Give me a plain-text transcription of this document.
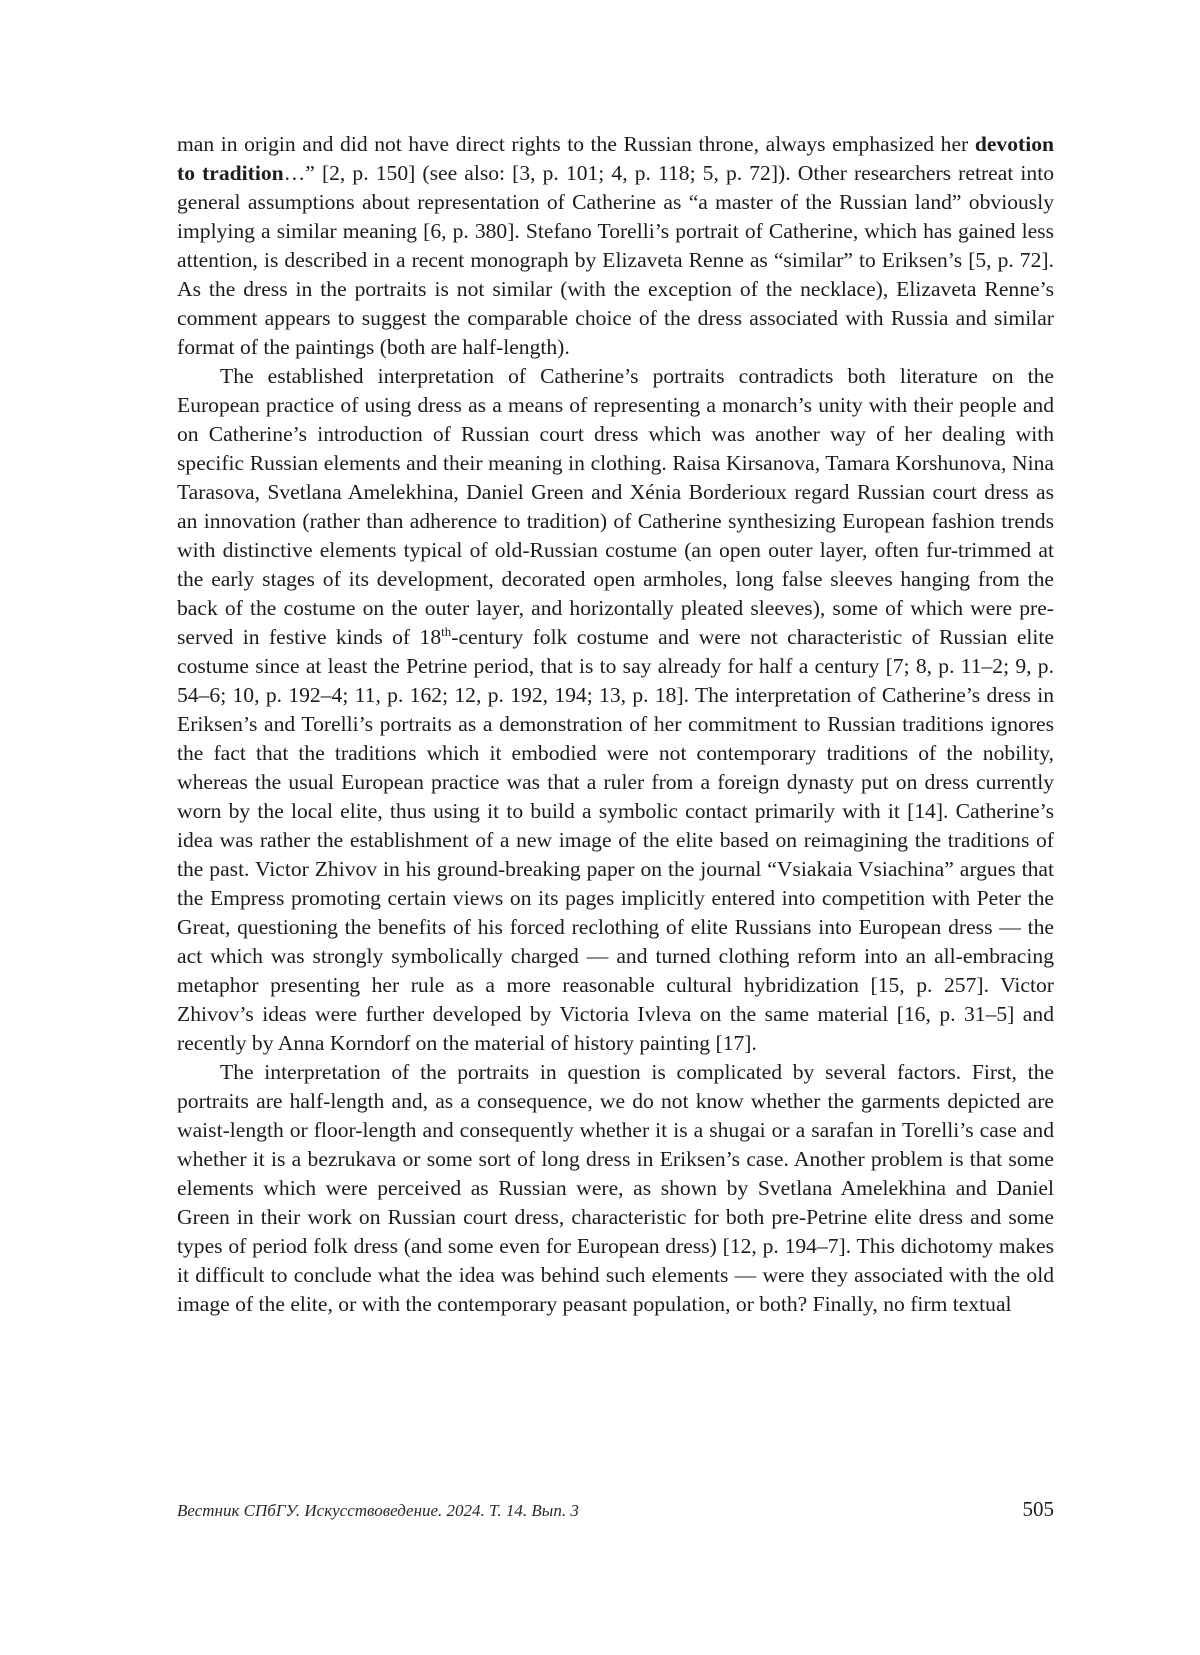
man in origin and did not have direct rights to the Russian throne, always emphasized her devotion to tradition…” [2, p. 150] (see also: [3, p. 101; 4, p. 118; 5, p. 72]). Other researchers retreat into general assumptions about representation of Catherine as “a master of the Russian land” obviously implying a similar meaning [6, p. 380]. Stefano Torelli’s portrait of Catherine, which has gained less attention, is described in a recent monograph by Elizaveta Renne as “similar” to Eriksen’s [5, p. 72]. As the dress in the portraits is not similar (with the exception of the necklace), Elizaveta Renne’s comment appears to suggest the comparable choice of the dress associated with Russia and similar format of the paintings (both are half-length).

The established interpretation of Catherine’s portraits contradicts both literature on the European practice of using dress as a means of representing a monarch’s unity with their people and on Catherine’s introduction of Russian court dress which was another way of her dealing with specific Russian elements and their meaning in clothing. Raisa Kirsanova, Tamara Korshunova, Nina Tarasova, Svetlana Amelekhina, Daniel Green and Xénia Borderioux regard Russian court dress as an innovation (rather than adherence to tradition) of Catherine synthesizing European fashion trends with distinctive elements typical of old-Russian costume (an open outer layer, often fur-trimmed at the early stages of its development, decorated open armholes, long false sleeves hanging from the back of the costume on the outer layer, and horizontally pleated sleeves), some of which were preserved in festive kinds of 18th-century folk costume and were not characteristic of Russian elite costume since at least the Petrine period, that is to say already for half a century [7; 8, p. 11–2; 9, p. 54–6; 10, p. 192–4; 11, p. 162; 12, p. 192, 194; 13, p. 18]. The interpretation of Catherine’s dress in Eriksen’s and Torelli’s portraits as a demonstration of her commitment to Russian traditions ignores the fact that the traditions which it embodied were not contemporary traditions of the nobility, whereas the usual European practice was that a ruler from a foreign dynasty put on dress currently worn by the local elite, thus using it to build a symbolic contact primarily with it [14]. Catherine’s idea was rather the establishment of a new image of the elite based on reimagining the traditions of the past. Victor Zhivov in his ground-breaking paper on the journal “Vsiakaia Vsiachina” argues that the Empress promoting certain views on its pages implicitly entered into competition with Peter the Great, questioning the benefits of his forced reclothing of elite Russians into European dress — the act which was strongly symbolically charged — and turned clothing reform into an all-embracing metaphor presenting her rule as a more reasonable cultural hybridization [15, p. 257]. Victor Zhivov’s ideas were further developed by Victoria Ivleva on the same material [16, p. 31–5] and recently by Anna Korndorf on the material of history painting [17].

The interpretation of the portraits in question is complicated by several factors. First, the portraits are half-length and, as a consequence, we do not know whether the garments depicted are waist-length or floor-length and consequently whether it is a shugai or a sarafan in Torelli’s case and whether it is a bezrukava or some sort of long dress in Eriksen’s case. Another problem is that some elements which were perceived as Russian were, as shown by Svetlana Amelekhina and Daniel Green in their work on Russian court dress, characteristic for both pre-Petrine elite dress and some types of period folk dress (and some even for European dress) [12, p. 194–7]. This dichotomy makes it difficult to conclude what the idea was behind such elements — were they associated with the old image of the elite, or with the contemporary peasant population, or both? Finally, no firm textual

Вестник СПбГУ. Искусствоведение. 2024. Т. 14. Вып. 3	505
